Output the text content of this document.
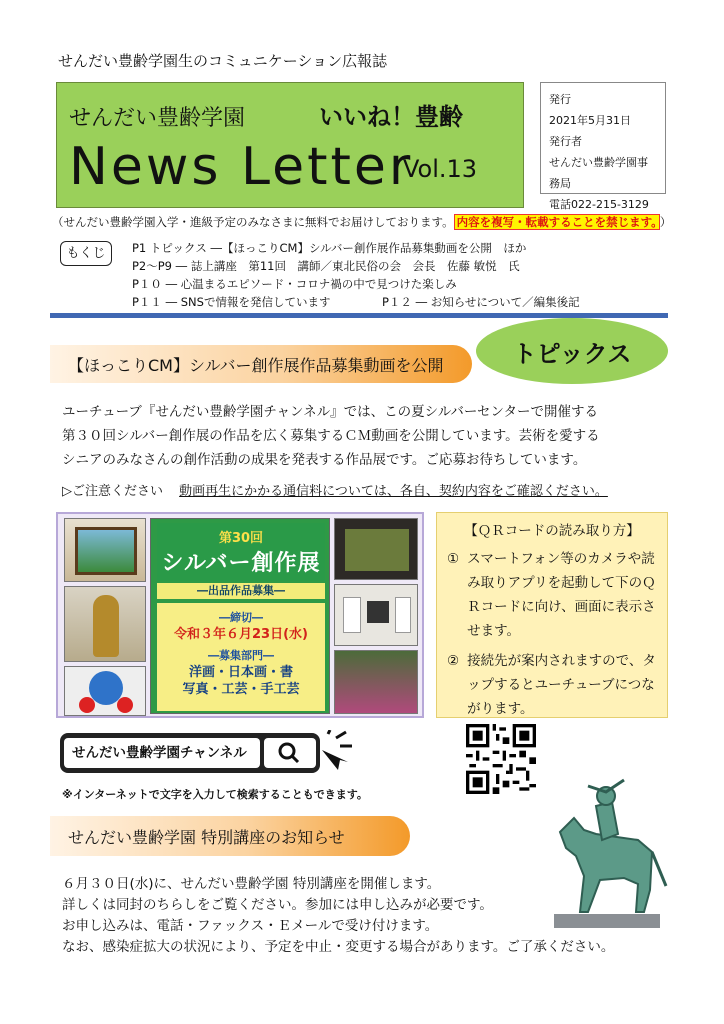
せんだい豊齢学園生のコミュニケーション広報誌
せんだい豊齢学園	いいね！豊齢
News Letter
Vol.13
発行
2021年5月31日
発行者
せんだい豊齢学園事務局
電話022-215-3129
（せんだい豊齢学園入学・進級予定のみなさまに無料でお届けしております。 内容を複写・転載することを禁じます。 ）
もくじ	P1 トピックス ―【ほっこりCM】シルバー創作展作品募集動画を公開　ほか
P2～P9 ― 誌上講座　第11回　講師／東北民俗の会　会長　佐藤 敏悦　氏
P１０ ― 心温まるエピソード・コロナ禍の中で見つけた楽しみ
P１１ ― SNSで情報を発信しています	P１２ ― お知らせについて／編集後記
【ほっこりCM】シルバー創作展作品募集動画を公開	トピックス
ユーチューブ『せんだい豊齢学園チャンネル』では、この夏シルバーセンターで開催する
第３０回シルバー創作展の作品を広く募集するＣＭ動画を公開しています。芸術を愛する
シニアのみなさんの創作活動の成果を発表する作品展です。ご応募お待ちしています。
▷ご注意ください 動画再生にかかる通信料については、各自、契約内容をご確認ください。
第30回
シルバー創作展
―出品作品募集―
―締切―
令和３年６月23日(水)
―募集部門―
洋画・日本画・書
写真・工芸・手工芸
【ＱＲコードの読み取り方】
① スマートフォン等のカメラや読み取りアプリを起動して下のＱＲコードに向け、画面に表示させます。
② 接続先が案内されますので、タップするとユーチューブにつながります。
せんだい豊齢学園チャンネル
※インターネットで文字を入力して検索することもできます。
せんだい豊齢学園 特別講座のお知らせ
６月３０日(水)に、せんだい豊齢学園 特別講座を開催します。
詳しくは同封のちらしをご覧ください。参加には申し込みが必要です。
お申し込みは、電話・ファックス・Ｅメールで受け付けます。
なお、感染症拡大の状況により、予定を中止・変更する場合があります。ご了承ください。
